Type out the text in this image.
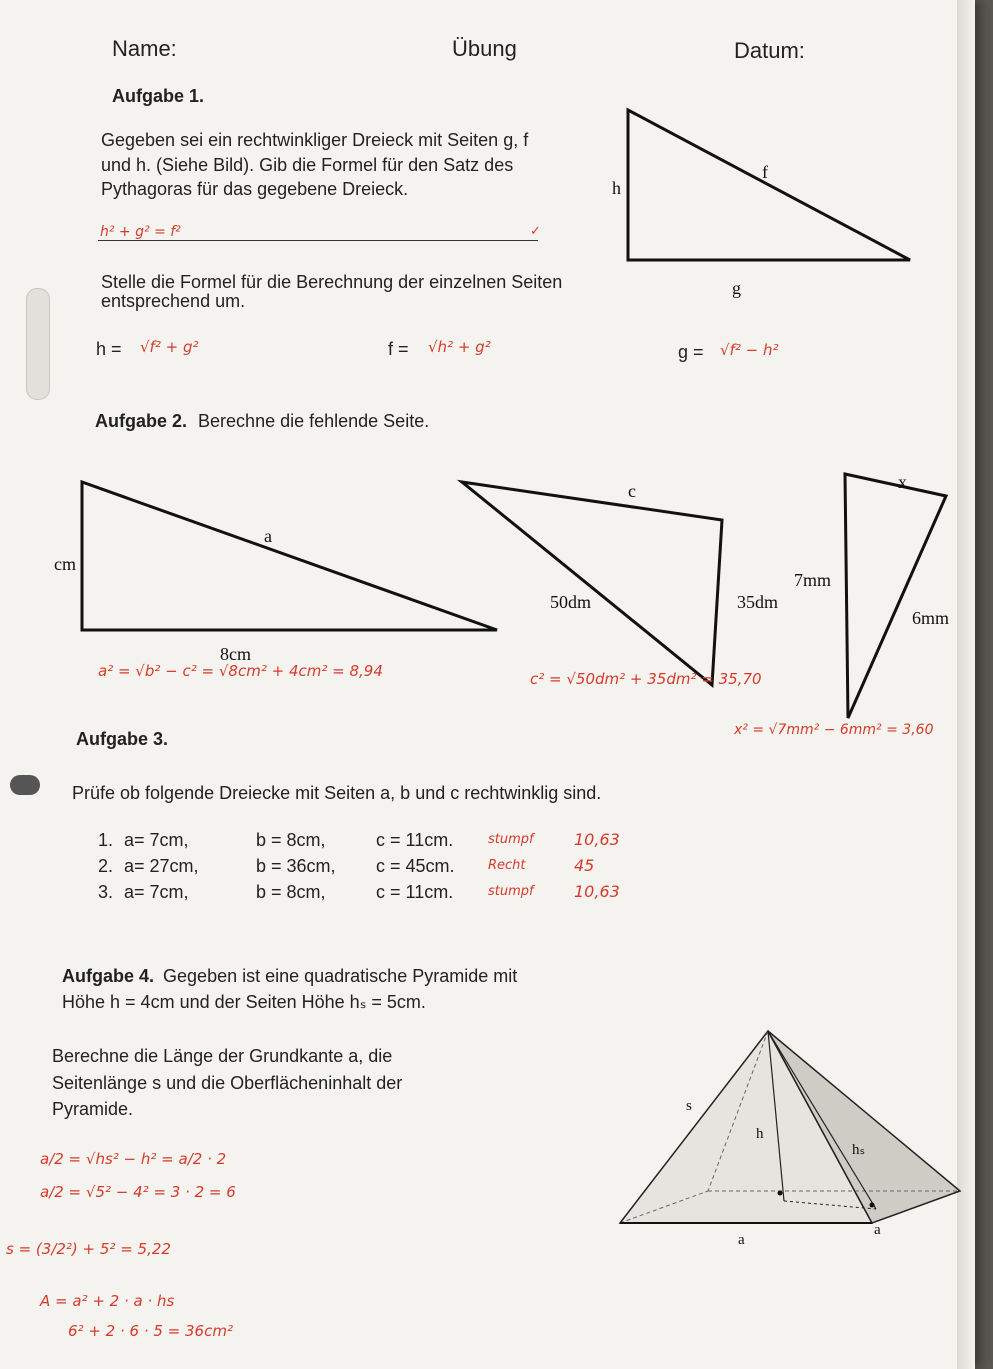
Name:	Übung	Datum:
Aufgabe 1.
Gegeben sei ein rechtwinkliger Dreieck mit Seiten g, f
und h. (Siehe Bild). Gib die Formel für den Satz des
Pythagoras für das gegebene Dreieck.
h² + g² = f²	✓
Stelle die Formel für die Berechnung der einzelnen Seiten
entsprechend um.
h = √f² + g²	f = √h² + g²	g = √f² − h²
f
h
g
Aufgabe 2. Berechne die fehlende Seite.
a
cm
8cm
a² = √b² − c² = √8cm² + 4cm² = 8,94
c
50dm	35dm
c² = √50dm² + 35dm² = 35,70
x
7mm
6mm
x² = √7mm² − 6mm² = 3,60
Aufgabe 3.
Prüfe ob folgende Dreiecke mit Seiten a, b und c rechtwinklig sind.
1. a= 7cm,	b = 8cm,	c = 11cm.	stumpf	10,63
2. a= 27cm,	b = 36cm, c = 45cm.	Recht	45
3. a= 7cm,	b = 8cm,	c = 11cm.	stumpf	10,63
Aufgabe 4. Gegeben ist eine quadratische Pyramide mit
Höhe h = 4cm und der Seiten Höhe hₛ = 5cm.
Berechne die Länge der Grundkante a, die
Seitenlänge s und die Oberflächeninhalt der
Pyramide.
a/2 = √hs² − h² = a/2 · 2
a/2 = √5² − 4² = 3 · 2 = 6
s = (3/2²) + 5² = 5,22
A = a² + 2 · a · hs
6² + 2 · 6 · 5 = 36cm²
s
h
hₛ
a
a
